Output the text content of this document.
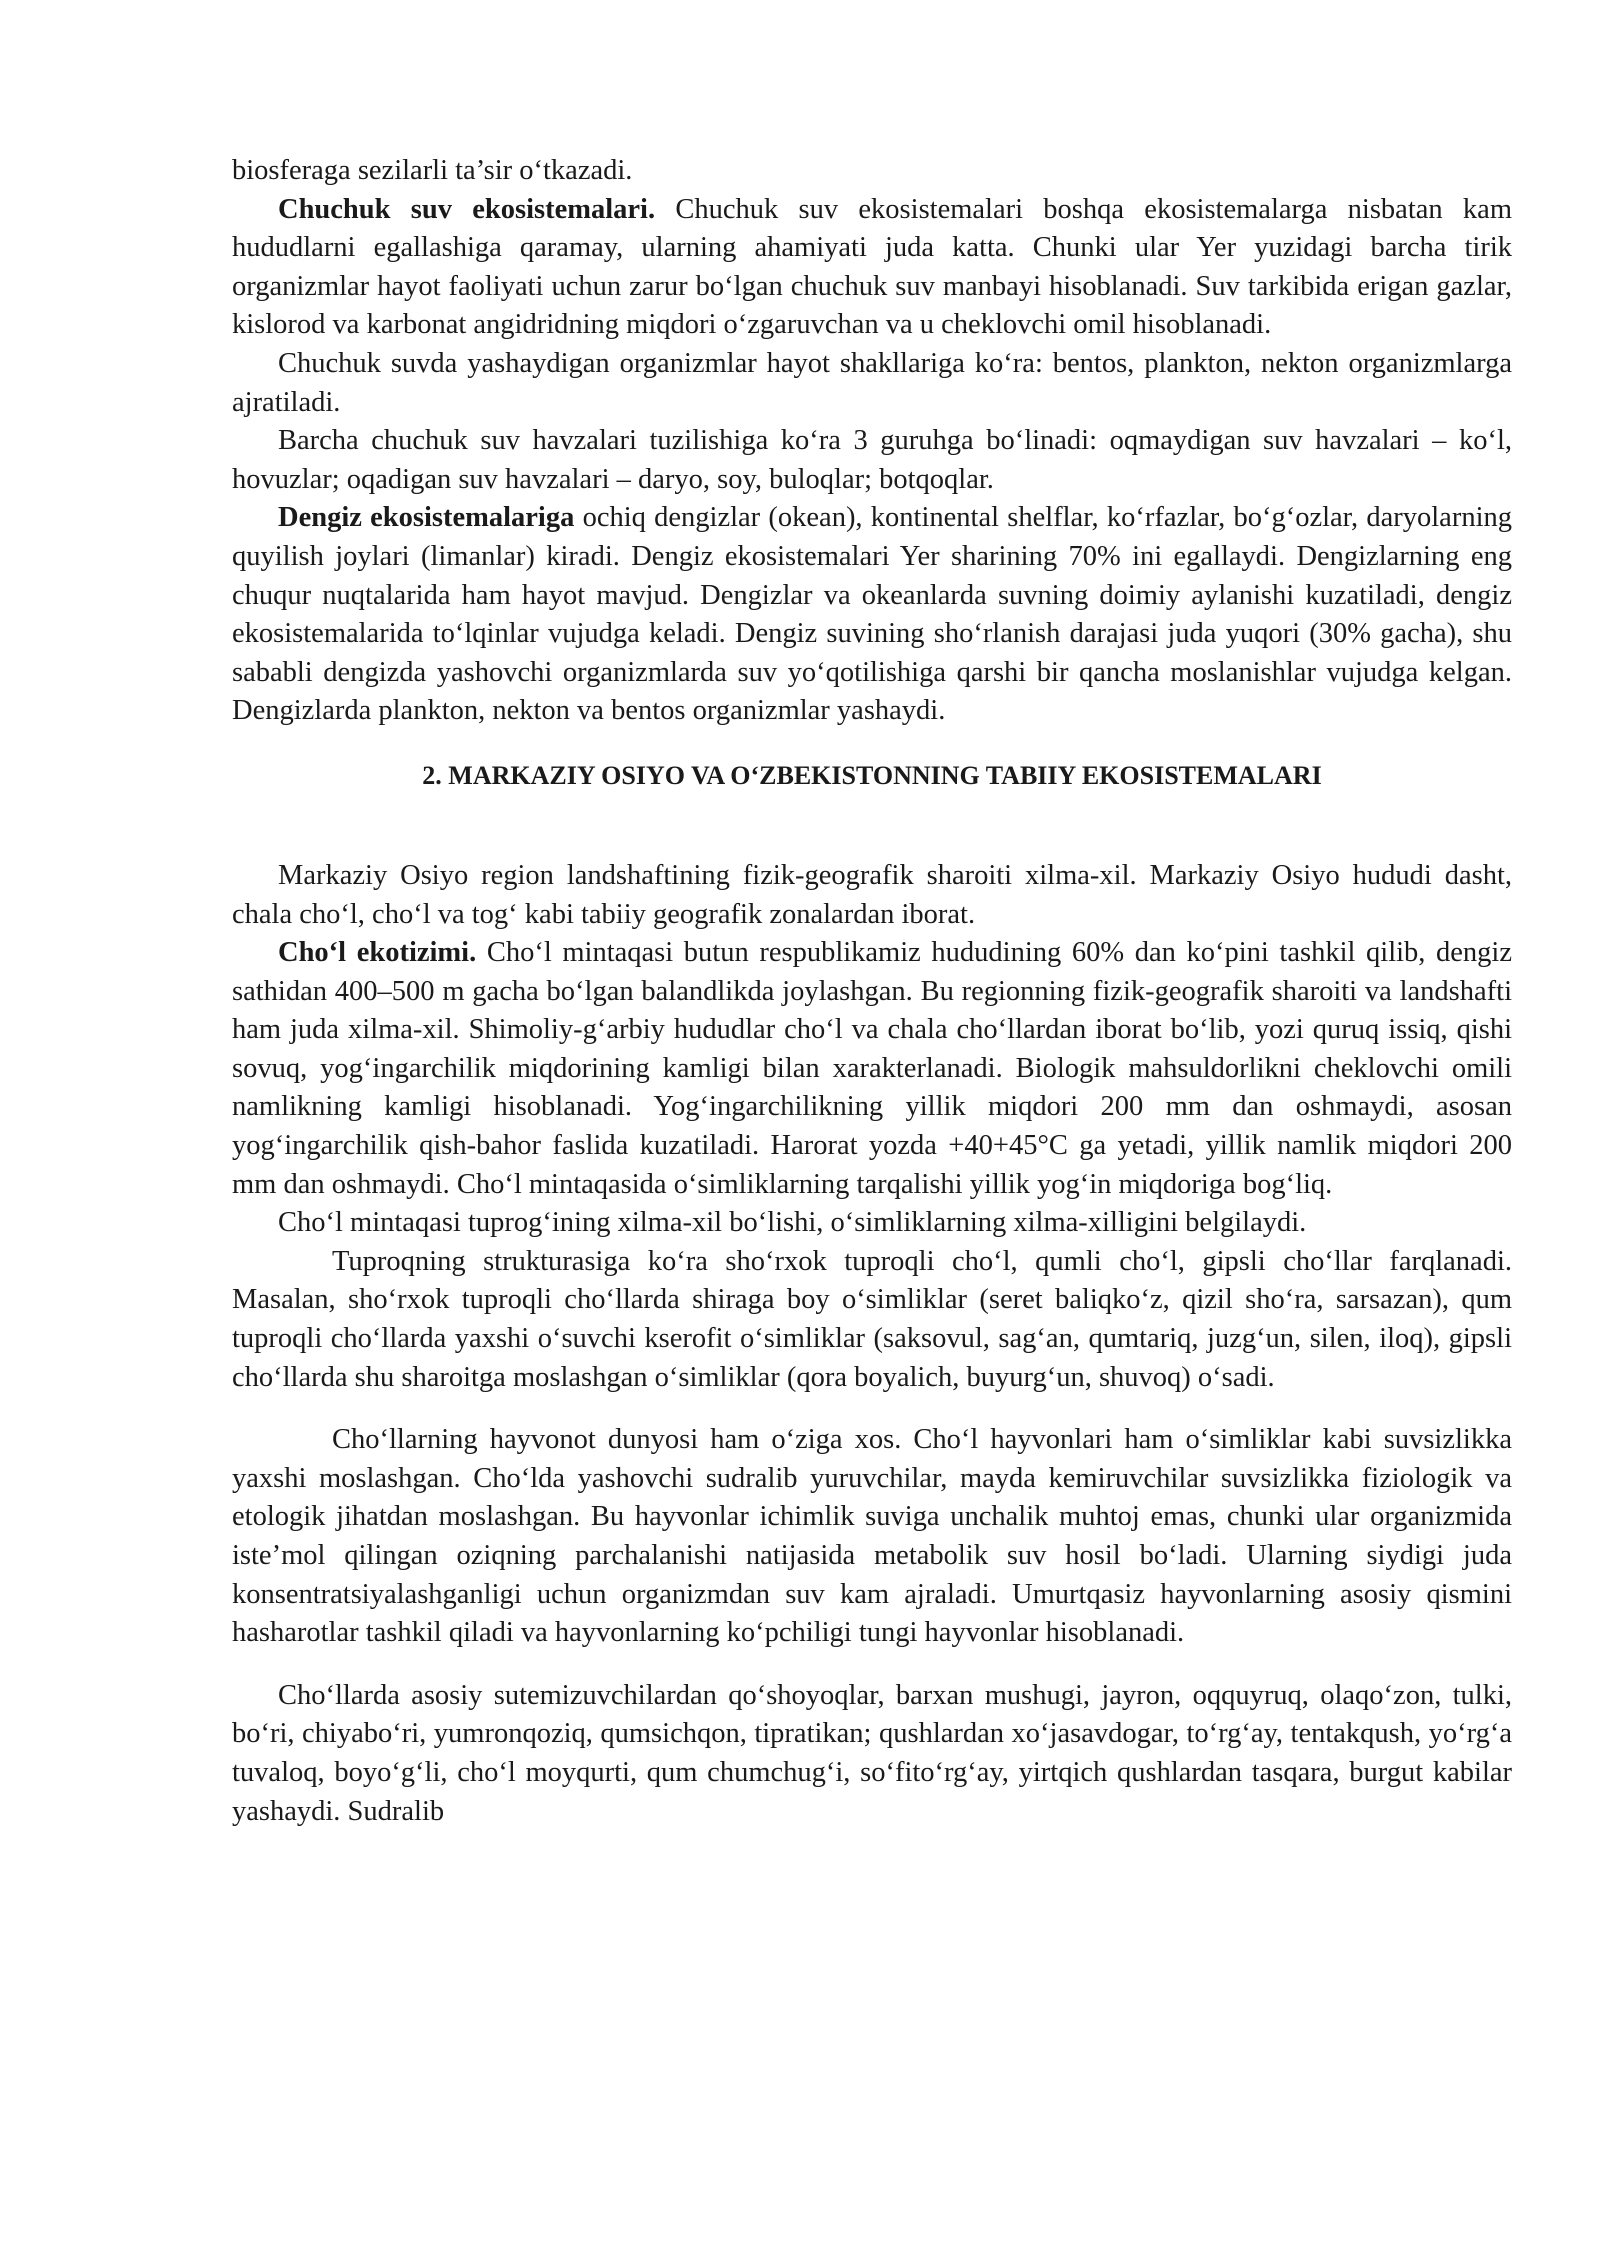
biosferaga sezilarli ta’sir o‘tkazadi.

Chuchuk suv ekosistemalari. Chuchuk suv ekosistemalari boshqa ekosistemalarga nisbatan kam hududlarni egallashiga qaramay, ularning ahamiyati juda katta. Chunki ular Yer yuzidagi barcha tirik organizmlar hayot faoliyati uchun zarur bo‘lgan chuchuk suv manbayi hisoblanadi. Suv tarkibida erigan gazlar, kislorod va karbonat angidridning miqdori o‘zgaruvchan va u cheklovchi omil hisoblanadi.

Chuchuk suvda yashaydigan organizmlar hayot shakllariga ko‘ra: bentos, plankton, nekton organizmlarga ajratiladi.

Barcha chuchuk suv havzalari tuzilishiga ko‘ra 3 guruhga bo‘linadi: oqmaydigan suv havzalari – ko‘l, hovuzlar; oqadigan suv havzalari – daryo, soy, buloqlar; botqoqlar.

Dengiz ekosistemalariga ochiq dengizlar (okean), kontinental shelflar, ko‘rfazlar, bo‘g‘ozlar, daryolarning quyilish joylari (limanlar) kiradi. Dengiz ekosistemalari Yer sharining 70% ini egallaydi. Dengizlarning eng chuqur nuqtalarida ham hayot mavjud. Dengizlar va okeanlarda suvning doimiy aylanishi kuzatiladi, dengiz ekosistemalarida to‘lqinlar vujudga keladi. Dengiz suvining sho‘rlanish darajasi juda yuqori (30% gacha), shu sababli dengizda yashovchi organizmlarda suv yo‘qotilishiga qarshi bir qancha moslanishlar vujudga kelgan. Dengizlarda plankton, nekton va bentos organizmlar yashaydi.

2. MARKAZIY OSIYO VA O‘ZBEKISTONNING TABIIY EKOSISTEMALARI

Markaziy Osiyo region landshaftining fizik-geografik sharoiti xilma-xil. Markaziy Osiyo hududi dasht, chala cho‘l, cho‘l va tog‘ kabi tabiiy geografik zonalardan iborat.

Cho‘l ekotizimi. Cho‘l mintaqasi butun respublikamiz hududining 60% dan ko‘pini tashkil qilib, dengiz sathidan 400–500 m gacha bo‘lgan balandlikda joylashgan. Bu regionning fizik-geografik sharoiti va landshafti ham juda xilma-xil. Shimoliy-g‘arbiy hududlar cho‘l va chala cho‘llardan iborat bo‘lib, yozi quruq issiq, qishi sovuq, yog‘ingarchilik miqdorining kamligi bilan xarakterlanadi. Biologik mahsuldorlikni cheklovchi omili namlikning kamligi hisoblanadi. Yog‘ingarchilikning yillik miqdori 200 mm dan oshmaydi, asosan yog‘ingarchilik qish-bahor faslida kuzatiladi. Harorat yozda +40+45°C ga yetadi, yillik namlik miqdori 200 mm dan oshmaydi. Cho‘l mintaqasida o‘simliklarning tarqalishi yillik yog‘in miqdoriga bog‘liq.

Cho‘l mintaqasi tuprog‘ining xilma-xil bo‘lishi, o‘simliklarning xilma-xilligini belgilaydi.

Tuproqning strukturasiga ko‘ra sho‘rxok tuproqli cho‘l, qumli cho‘l, gipsli cho‘llar farqlanadi. Masalan, sho‘rxok tuproqli cho‘llarda shiraga boy o‘simliklar (seret baliqko‘z, qizil sho‘ra, sarsazan), qum tuproqli cho‘llarda yaxshi o‘suvchi kserofit o‘simliklar (saksovul, sag‘an, qumtariq, juzg‘un, silen, iloq), gipsli cho‘llarda shu sharoitga moslashgan o‘simliklar (qora boyalich, buyurg‘un, shuvoq) o‘sadi.

Cho‘llarning hayvonot dunyosi ham o‘ziga xos. Cho‘l hayvonlari ham o‘simliklar kabi suvsizlikka yaxshi moslashgan. Cho‘lda yashovchi sudralib yuruvchilar, mayda kemiruvchilar suvsizlikka fiziologik va etologik jihatdan moslashgan. Bu hayvonlar ichimlik suviga unchalik muhtoj emas, chunki ular organizmida iste’mol qilingan oziqning parchalanishi natijasida metabolik suv hosil bo‘ladi. Ularning siydigi juda konsentratsiyalashganligi uchun organizmdan suv kam ajraladi. Umurtqasiz hayvonlarning asosiy qismini hasharotlar tashkil qiladi va hayvonlarning ko‘pchiligi tungi hayvonlar hisoblanadi.

Cho‘llarda asosiy sutemizuvchilardan qo‘shoyoqlar, barxan mushugi, jayron, oqquyruq, olaqo‘zon, tulki, bo‘ri, chiyabo‘ri, yumronqoziq, qumsichqon, tipratikan; qushlardan xo‘jasavdogar, to‘rg‘ay, tentakqush, yo‘rg‘a tuvaloq, boyo‘g‘li, cho‘l moyqurti, qum chumchug‘i, so‘fito‘rg‘ay, yirtqich qushlardan tasqara, burgut kabilar yashaydi. Sudralib
